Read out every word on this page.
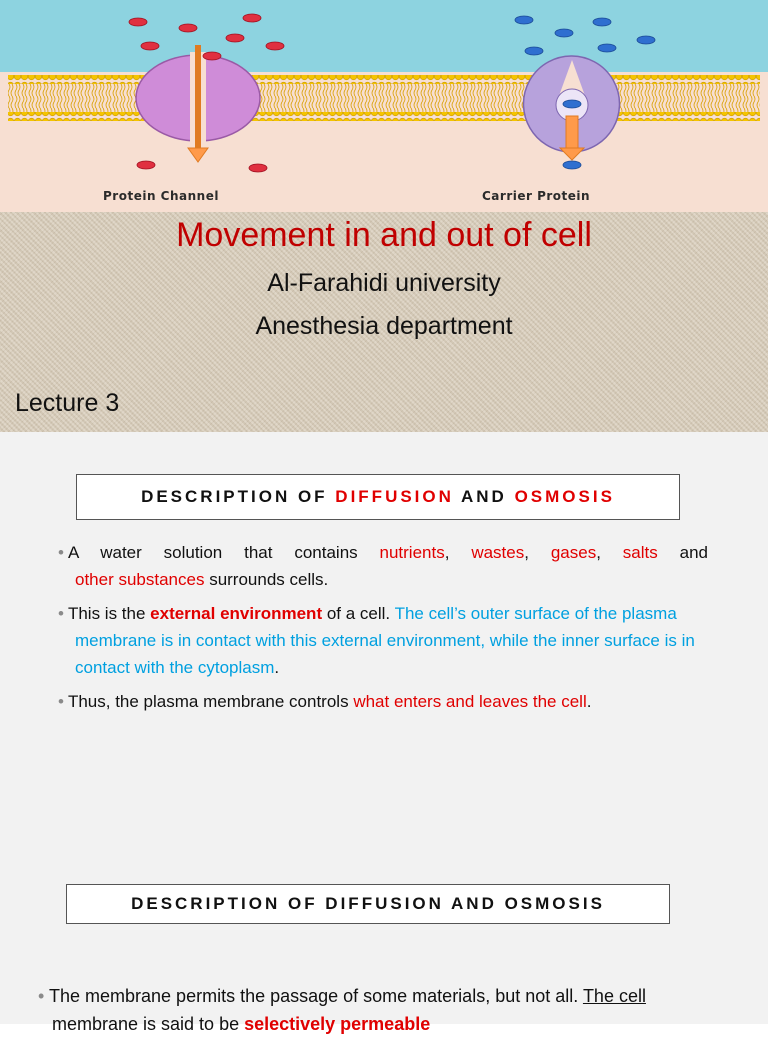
Protein Channel	Carrier Protein
Movement in and out of cell
Al-Farahidi university
Anesthesia department
Lecture 3
DESCRIPTION OF DIFFUSION AND OSMOSIS
• A water solution that contains nutrients, wastes, gases, salts and
other substances surrounds cells.
• This is the external environment of a cell. The cell’s outer surface of the plasma membrane is in contact with this external environment, while the inner surface is in contact with the cytoplasm.
• Thus, the plasma membrane controls what enters and leaves the cell.
DESCRIPTION OF DIFFUSION AND OSMOSIS
• The membrane permits the passage of some materials, but not all. The cell
membrane is said to be selectively permeable
